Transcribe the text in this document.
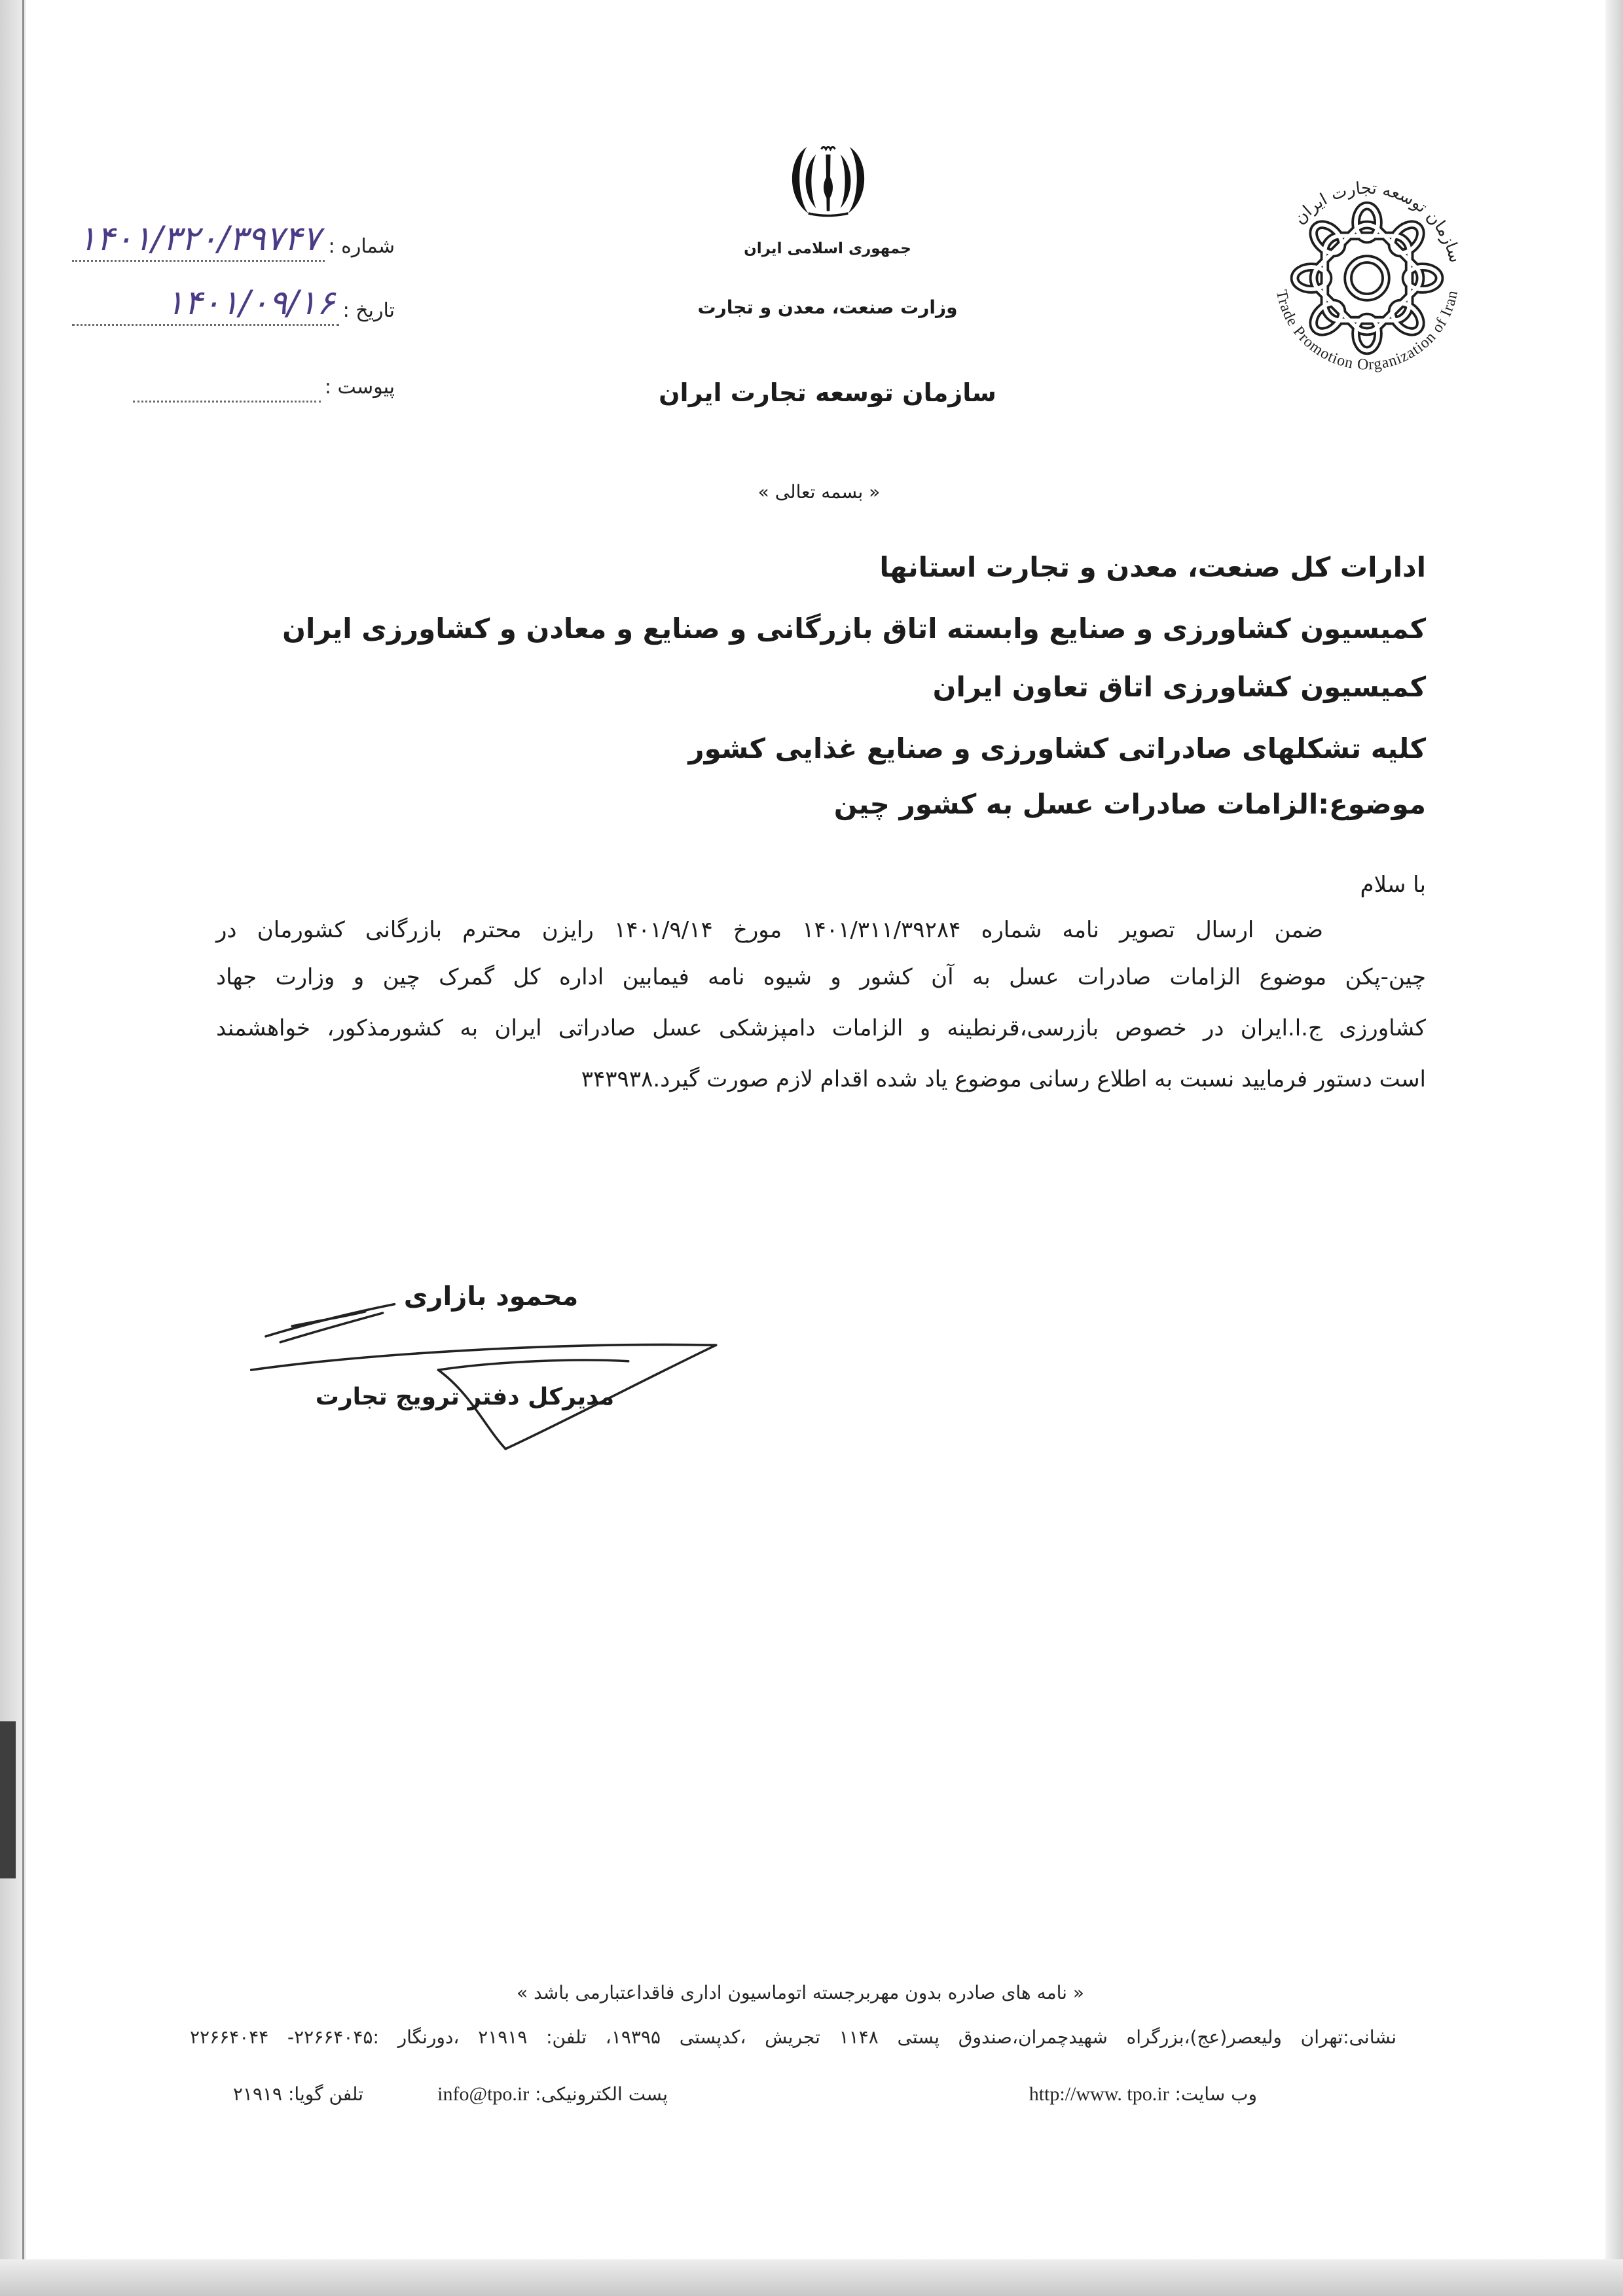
شماره :
۱۴۰۱/۳۲۰/۳۹۷۴۷
تاریخ :
۱۴۰۱/۰۹/۱۶
پیوست :
جمهوری اسلامی ایران
وزارت صنعت، معدن و تجارت
سازمان توسعه تجارت ایران
سازمان توسعه تجارت ایران
Trade Promotion Organization of Iran
« بسمه تعالی »
ادارات کل صنعت، معدن و تجارت استانها
کمیسیون کشاورزی و صنایع وابسته اتاق بازرگانی و صنایع و معادن و کشاورزی ایران
کمیسیون کشاورزی اتاق تعاون ایران
کلیه تشکلهای صادراتی کشاورزی و صنایع غذایی کشور
موضوع:الزامات صادرات عسل به کشور چین
با سلام
ضمن ارسال تصویر نامه شماره ۱۴۰۱/۳۱۱/۳۹۲۸۴ مورخ ۱۴۰۱/۹/۱۴ رایزن محترم بازرگانی کشورمان در
چین-پکن موضوع الزامات صادرات عسل به آن کشور و شیوه نامه فیمابین اداره کل گمرک چین و وزارت جهاد
کشاورزی ج.ا.ایران در خصوص بازرسی،قرنطینه و الزامات دامپزشکی عسل صادراتی ایران به کشورمذکور، خواهشمند
است دستور فرمایید نسبت به اطلاع رسانی موضوع یاد شده اقدام لازم صورت گیرد.۳۴۳۹۳۸
محمود بازاری
مدیرکل دفتر ترویج تجارت
« نامه های صادره بدون مهربرجسته اتوماسیون اداری فاقداعتبارمی باشد »
نشانی:تهران ولیعصر(عج)،بزرگراه شهیدچمران،صندوق پستی ۱۱۴۸ تجریش ،کدپستی ۱۹۳۹۵، تلفن: ۲۱۹۱۹ ،دورنگار :۲۲۶۶۴۰۴۵- ۲۲۶۶۴۰۴۴
وب سایت: http://www. tpo.ir
پست الکترونیکی: info@tpo.ir
تلفن گویا: ۲۱۹۱۹
